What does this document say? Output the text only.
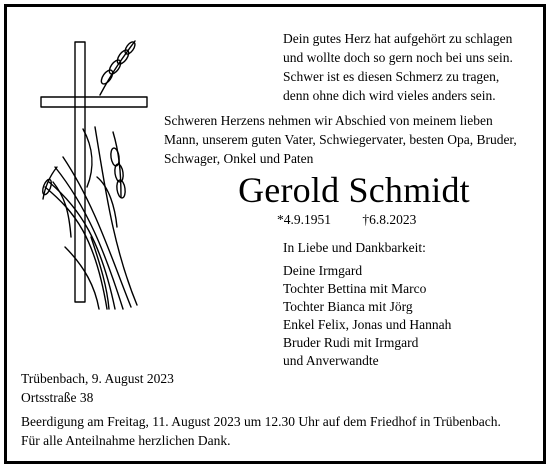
Dein gutes Herz hat aufgehört zu schlagen
und wollte doch so gern noch bei uns sein.
Schwer ist es diesen Schmerz zu tragen,
denn ohne dich wird vieles anders sein.
Schweren Herzens nehmen wir Abschied von meinem lieben
Mann, unserem guten Vater, Schwiegervater, besten Opa, Bruder,
Schwager, Onkel und Paten
Gerold Schmidt
*4.9.1951 †6.8.2023
In Liebe und Dankbarkeit:
Deine Irmgard
Tochter Bettina mit Marco
Tochter Bianca mit Jörg
Enkel Felix, Jonas und Hannah
Bruder Rudi mit Irmgard
und Anverwandte
Trübenbach, 9. August 2023
Ortsstraße 38
Beerdigung am Freitag, 11. August 2023 um 12.30 Uhr auf dem Friedhof in Trübenbach.
Für alle Anteilnahme herzlichen Dank.
